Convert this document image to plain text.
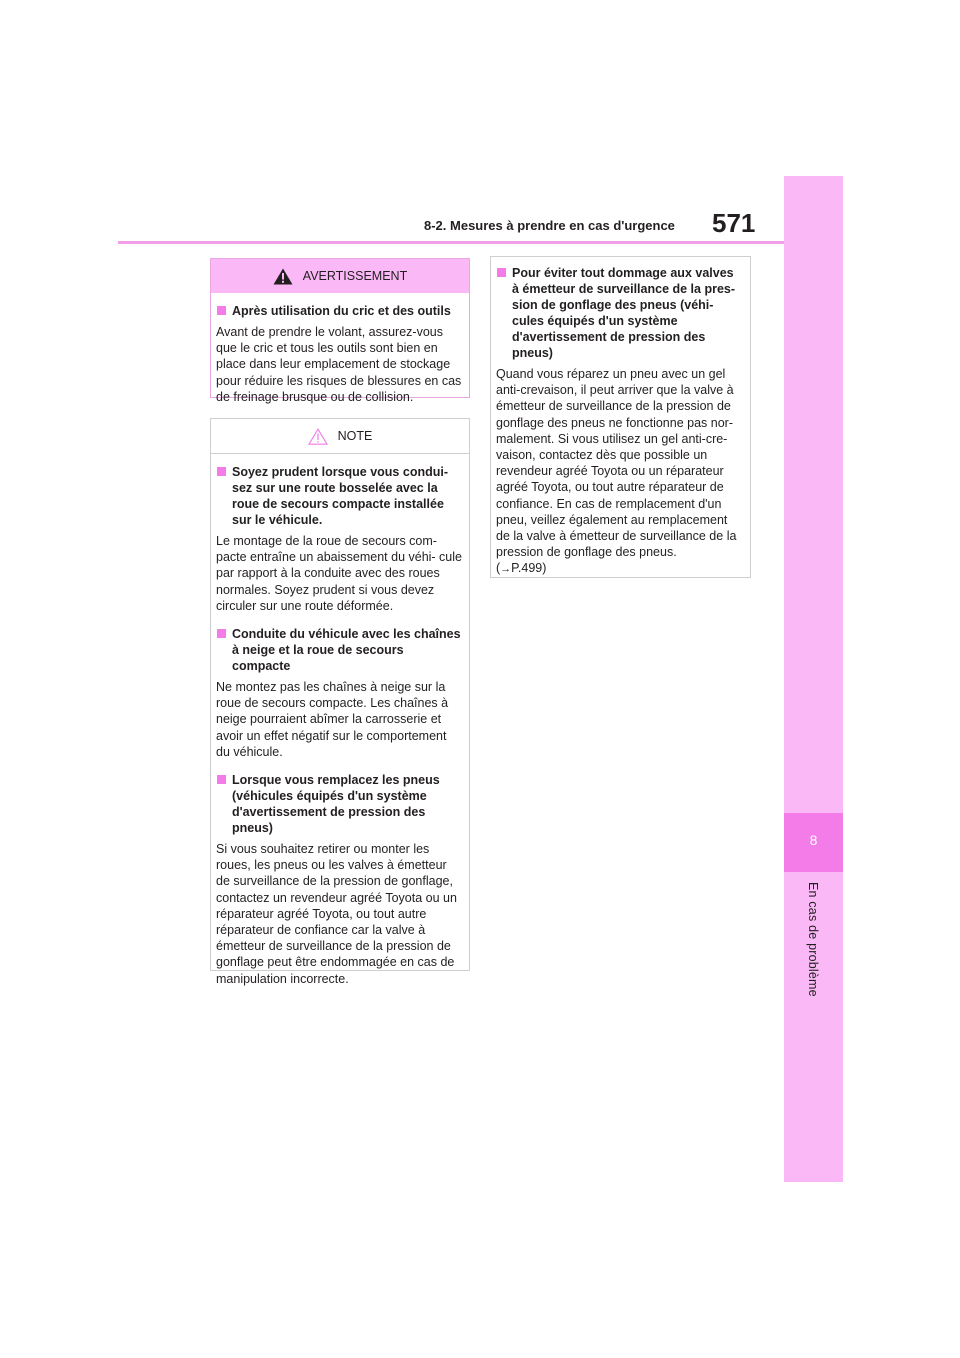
8
En cas de problème
8-2. Mesures à prendre en cas d'urgence 571
AVERTISSEMENT
Après utilisation du cric et des outils
Avant de prendre le volant, assurez-vous que le cric et tous les outils sont bien en place dans leur emplacement de stockage pour réduire les risques de blessures en cas de freinage brusque ou de collision.
NOTE
Soyez prudent lorsque vous condui- sez sur une route bosselée avec la roue de secours compacte installée sur le véhicule.
Le montage de la roue de secours com- pacte entraîne un abaissement du véhi- cule par rapport à la conduite avec des roues normales. Soyez prudent si vous devez circuler sur une route déformée.
Conduite du véhicule avec les chaînes à neige et la roue de secours compacte
Ne montez pas les chaînes à neige sur la roue de secours compacte. Les chaînes à neige pourraient abîmer la carrosserie et avoir un effet négatif sur le comportement du véhicule.
Lorsque vous remplacez les pneus (véhicules équipés d'un système d'avertissement de pression des pneus)
Si vous souhaitez retirer ou monter les roues, les pneus ou les valves à émetteur de surveillance de la pression de gonflage, contactez un revendeur agréé Toyota ou un réparateur agréé Toyota, ou tout autre réparateur de confiance car la valve à émetteur de surveillance de la pression de gonflage peut être endommagée en cas de manipulation incorrecte.
Pour éviter tout dommage aux valves à émetteur de surveillance de la pres- sion de gonflage des pneus (véhi- cules équipés d'un système d'avertissement de pression des pneus)
Quand vous réparez un pneu avec un gel anti-crevaison, il peut arriver que la valve à émetteur de surveillance de la pression de gonflage des pneus ne fonctionne pas nor- malement. Si vous utilisez un gel anti-cre- vaison, contactez dès que possible un revendeur agréé Toyota ou un réparateur agréé Toyota, ou tout autre réparateur de confiance. En cas de remplacement d'un pneu, veillez également au remplacement de la valve à émetteur de surveillance de la pression de gonflage des pneus.
(→P.499)
